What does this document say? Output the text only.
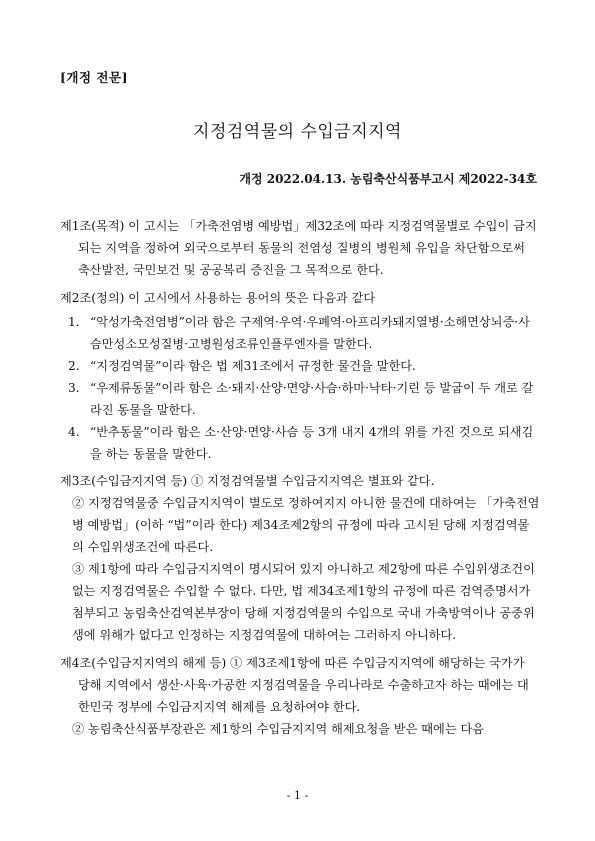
[개정 전문]
지정검역물의 수입금지지역
개정 2022.04.13. 농림축산식품부고시 제2022-34호

제1조(목적) 이 고시는 「가축전염병 예방법」제32조에 따라 지정검역물별로 수입이 금지되는 지역을 정하여 외국으로부터 동물의 전염성 질병의 병원체 유입을 차단함으로써 축산발전, 국민보건 및 공공복리 증진을 그 목적으로 한다.

제2조(정의) 이 고시에서 사용하는 용어의 뜻은 다음과 같다

1. “악성가축전염병”이라 함은 구제역·우역·우폐역·아프리카돼지열병·소해면상뇌증·사슴만성소모성질병·고병원성조류인플루엔자를 말한다.
2. “지정검역물”이라 함은 법 제31조에서 규정한 물건을 말한다.
3. “우제류동물”이라 함은 소·돼지·산양·면양·사슴·하마·낙타·기린 등 발굽이 두 개로 갈라진 동물을 말한다.
4. “반추동물”이라 함은 소·산양·면양·사슴 등 3개 내지 4개의 위를 가진 것으로 되새김을 하는 동물을 말한다.

제3조(수입금지지역 등) ① 지정검역물별 수입금지지역은 별표와 같다.

② 지정검역물중 수입금지지역이 별도로 정하여지지 아니한 물건에 대하여는 「가축전염병 예방법」(이하 “법”이라 한다) 제34조제2항의 규정에 따라 고시된 당해 지정검역물의 수입위생조건에 따른다.

③ 제1항에 따라 수입금지지역이 명시되어 있지 아니하고 제2항에 따른 수입위생조건이 없는 지정검역물은 수입할 수 없다. 다만, 법 제34조제1항의 규정에 따른 검역증명서가 첨부되고 농림축산검역본부장이 당해 지정검역물의 수입으로 국내 가축방역이나 공중위생에 위해가 없다고 인정하는 지정검역물에 대하여는 그러하지 아니하다.

제4조(수입금지지역의 해제 등) ① 제3조제1항에 따른 수입금지지역에 해당하는 국가가 당해 지역에서 생산·사육·가공한 지정검역물을 우리나라로 수출하고자 하는 때에는 대한민국 정부에 수입금지지역 해제를 요청하여야 한다.

② 농림축산식품부장관은 제1항의 수입금지지역 해제요청을 받은 때에는 다음

- 1 -
